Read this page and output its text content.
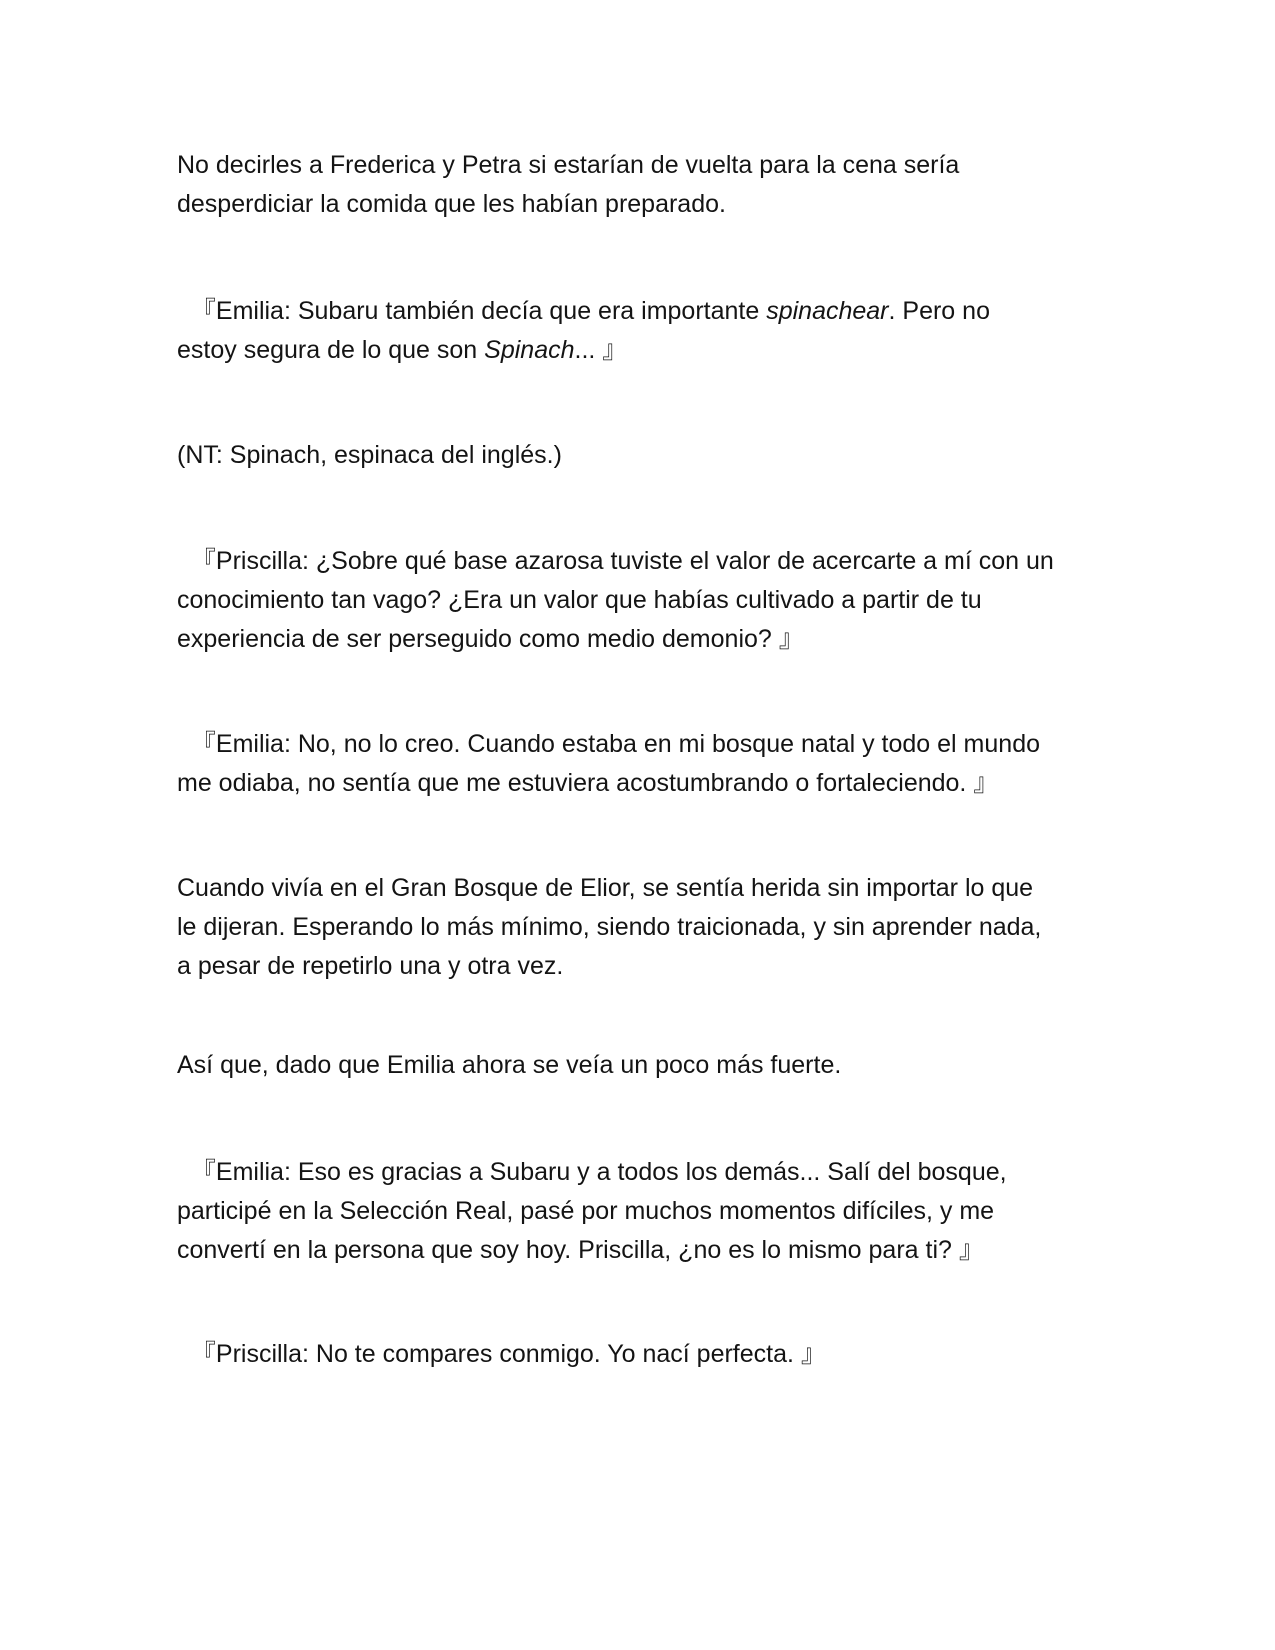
No decirles a Frederica y Petra si estarían de vuelta para la cena sería
desperdiciar la comida que les habían preparado.

『Emilia: Subaru también decía que era importante spinachear. Pero no
estoy segura de lo que son Spinach... 』

(NT: Spinach, espinaca del inglés.)

『Priscilla: ¿Sobre qué base azarosa tuviste el valor de acercarte a mí con un
conocimiento tan vago? ¿Era un valor que habías cultivado a partir de tu
experiencia de ser perseguido como medio demonio? 』

『Emilia: No, no lo creo. Cuando estaba en mi bosque natal y todo el mundo
me odiaba, no sentía que me estuviera acostumbrando o fortaleciendo. 』

Cuando vivía en el Gran Bosque de Elior, se sentía herida sin importar lo que
le dijeran. Esperando lo más mínimo, siendo traicionada, y sin aprender nada,
a pesar de repetirlo una y otra vez.

Así que, dado que Emilia ahora se veía un poco más fuerte.

『Emilia: Eso es gracias a Subaru y a todos los demás... Salí del bosque,
participé en la Selección Real, pasé por muchos momentos difíciles, y me
convertí en la persona que soy hoy. Priscilla, ¿no es lo mismo para ti? 』

『Priscilla: No te compares conmigo. Yo nací perfecta. 』
